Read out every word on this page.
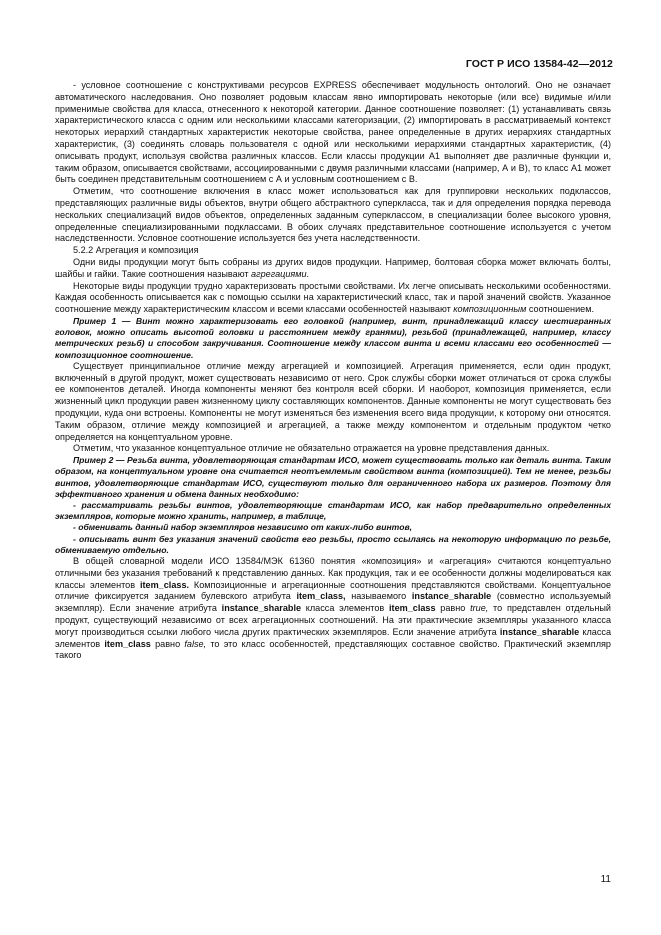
ГОСТ Р ИСО 13584-42—2012

- условное соотношение с конструктивами ресурсов EXPRESS обеспечивает модульность онтологий. Оно не означает автоматического наследования. Оно позволяет родовым классам явно импортировать некоторые (или все) видимые и/или применимые свойства для класса, отнесенного к некоторой категории. Данное соотношение позволяет: (1) устанавливать связь характеристического класса с одним или несколькими классами категоризации, (2) импортировать в рассматриваемый контекст некоторых иерархий стандартных характеристик некоторые свойства, ранее определенные в других иерархиях стандартных характеристик, (3) соединять словарь пользователя с одной или несколькими иерархиями стандартных характеристик, (4) описывать продукт, используя свойства различных классов. Если классы продукции А1 выполняет две различные функции и, таким образом, описывается свойствами, ассоциированными с двумя различными классами (например, А и В), то класс А1 может быть соединен представительным соотношением с А и условным соотношением с В.

Отметим, что соотношение включения в класс может использоваться как для группировки нескольких подклассов, представляющих различные виды объектов, внутри общего абстрактного суперкласса, так и для определения порядка перевода нескольких специализаций видов объектов, определенных заданным суперклассом, в специализации более высокого уровня, определенные специализированными подклассами. В обоих случаях представительное соотношение используется с учетом наследственности. Условное соотношение используется без учета наследственности.

5.2.2 Агрегация и композиция

Одни виды продукции могут быть собраны из других видов продукции. Например, болтовая сборка может включать болты, шайбы и гайки. Такие соотношения называют агрегациями.

Некоторые виды продукции трудно характеризовать простыми свойствами. Их легче описывать несколькими особенностями. Каждая особенность описывается как с помощью ссылки на характеристический класс, так и парой значений свойств. Указанное соотношение между характеристическим классом и всеми классами особенностей называют композиционным соотношением.

Пример 1 — Винт можно характеризовать его головкой (например, винт, принадлежащий классу шестигранных головок, можно описать высотой головки и расстоянием между гранями), резьбой (принадлежащей, например, классу метрических резьб) и способом закручивания. Соотношение между классом винта и всеми классами его особенностей — композиционное соотношение.

Существует принципиальное отличие между агрегацией и композицией. Агрегация применяется, если один продукт, включенный в другой продукт, может существовать независимо от него. Срок службы сборки может отличаться от срока службы ее компонентов деталей. Иногда компоненты меняют без контроля всей сборки. И наоборот, композиция применяется, если жизненный цикл продукции равен жизненному циклу составляющих компонентов. Данные компоненты не могут существовать без продукции, куда они встроены. Компоненты не могут изменяться без изменения всего вида продукции, к которому они относятся. Таким образом, отличие между композицией и агрегацией, а также между компонентом и отдельным продуктом четко определяется на концептуальном уровне.

Отметим, что указанное концептуальное отличие не обязательно отражается на уровне представления данных.

Пример 2 — Резьба винта, удовлетворяющая стандартам ИСО, может существовать только как деталь винта. Таким образом, на концептуальном уровне она считается неотъемлемым свойством винта (композицией). Тем не менее, резьбы винтов, удовлетворяющие стандартам ИСО, существуют только для ограниченного набора их размеров. Поэтому для эффективного хранения и обмена данных необходимо:

- рассматривать резьбы винтов, удовлетворяющие стандартам ИСО, как набор предварительно определенных экземпляров, которые можно хранить, например, в таблице,

- обменивать данный набор экземпляров независимо от каких-либо винтов,

- описывать винт без указания значений свойств его резьбы, просто ссылаясь на некоторую информацию по резьбе, обмениваемую отдельно.

В общей словарной модели ИСО 13584/МЭК 61360 понятия «композиция» и «агрегация» считаются концептуально отличными без указания требований к представлению данных. Как продукция, так и ее особенности должны моделироваться как классы элементов item_class. Композиционные и агрегационные соотношения представляются свойствами. Концептуальное отличие фиксируется заданием булевского атрибута item_class, называемого instance_sharable (совместно используемый экземпляр). Если значение атрибута instance_sharable класса элементов item_class равно true, то представлен отдельный продукт, существующий независимо от всех агрегационных соотношений. На эти практические экземпляры указанного класса могут производиться ссылки любого числа других практических экземпляров. Если значение атрибута instance_sharable класса элементов item_class равно false, то это класс особенностей, представляющих составное свойство. Практический экземпляр такого

11
